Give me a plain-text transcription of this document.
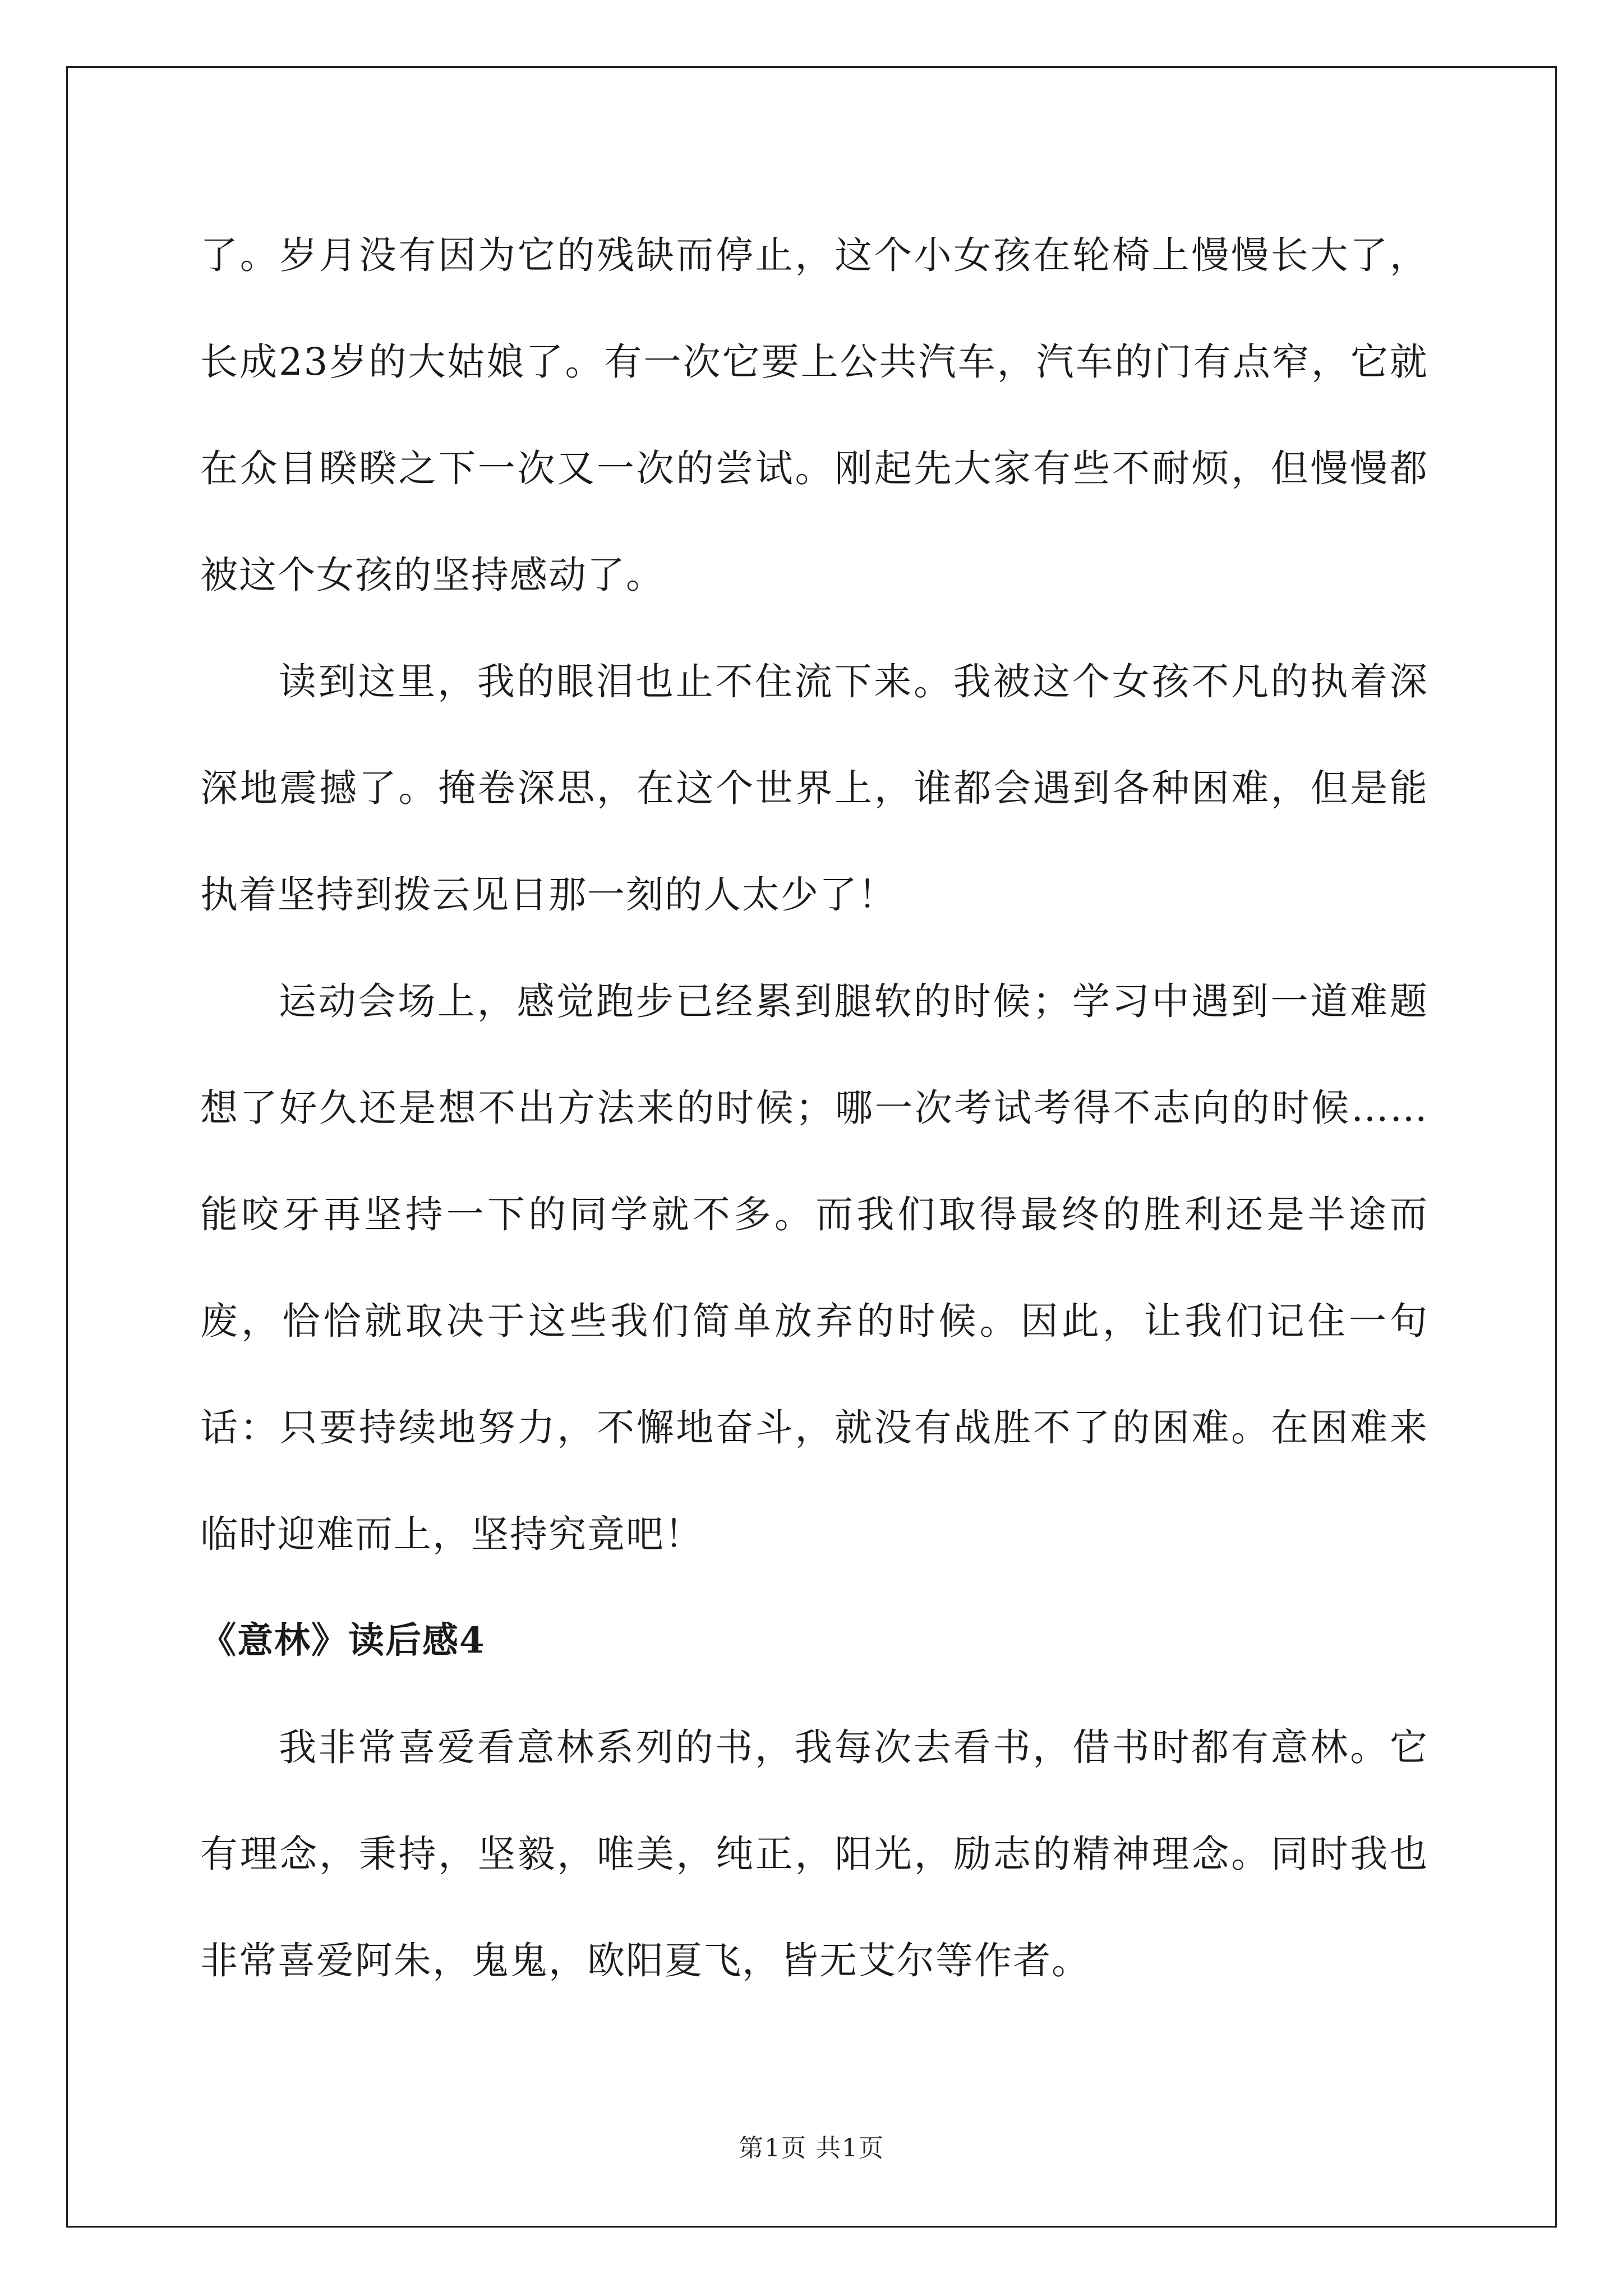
了。岁月没有因为它的残缺而停止，这个小女孩在轮椅上慢慢长大了，长成23岁的大姑娘了。有一次它要上公共汽车，汽车的门有点窄，它就在众目睽睽之下一次又一次的尝试。刚起先大家有些不耐烦，但慢慢都被这个女孩的坚持感动了。

读到这里，我的眼泪也止不住流下来。我被这个女孩不凡的执着深深地震撼了。掩卷深思，在这个世界上，谁都会遇到各种困难，但是能执着坚持到拨云见日那一刻的人太少了！

运动会场上，感觉跑步已经累到腿软的时候；学习中遇到一道难题想了好久还是想不出方法来的时候；哪一次考试考得不志向的时候……能咬牙再坚持一下的同学就不多。而我们取得最终的胜利还是半途而废，恰恰就取决于这些我们简单放弃的时候。因此，让我们记住一句话：只要持续地努力，不懈地奋斗，就没有战胜不了的困难。在困难来临时迎难而上，坚持究竟吧！

《意林》读后感4

我非常喜爱看意林系列的书，我每次去看书，借书时都有意林。它有理念，秉持，坚毅，唯美，纯正，阳光，励志的精神理念。同时我也非常喜爱阿朱，鬼鬼，欧阳夏飞，皆无艾尔等作者。

第1页 共1页
